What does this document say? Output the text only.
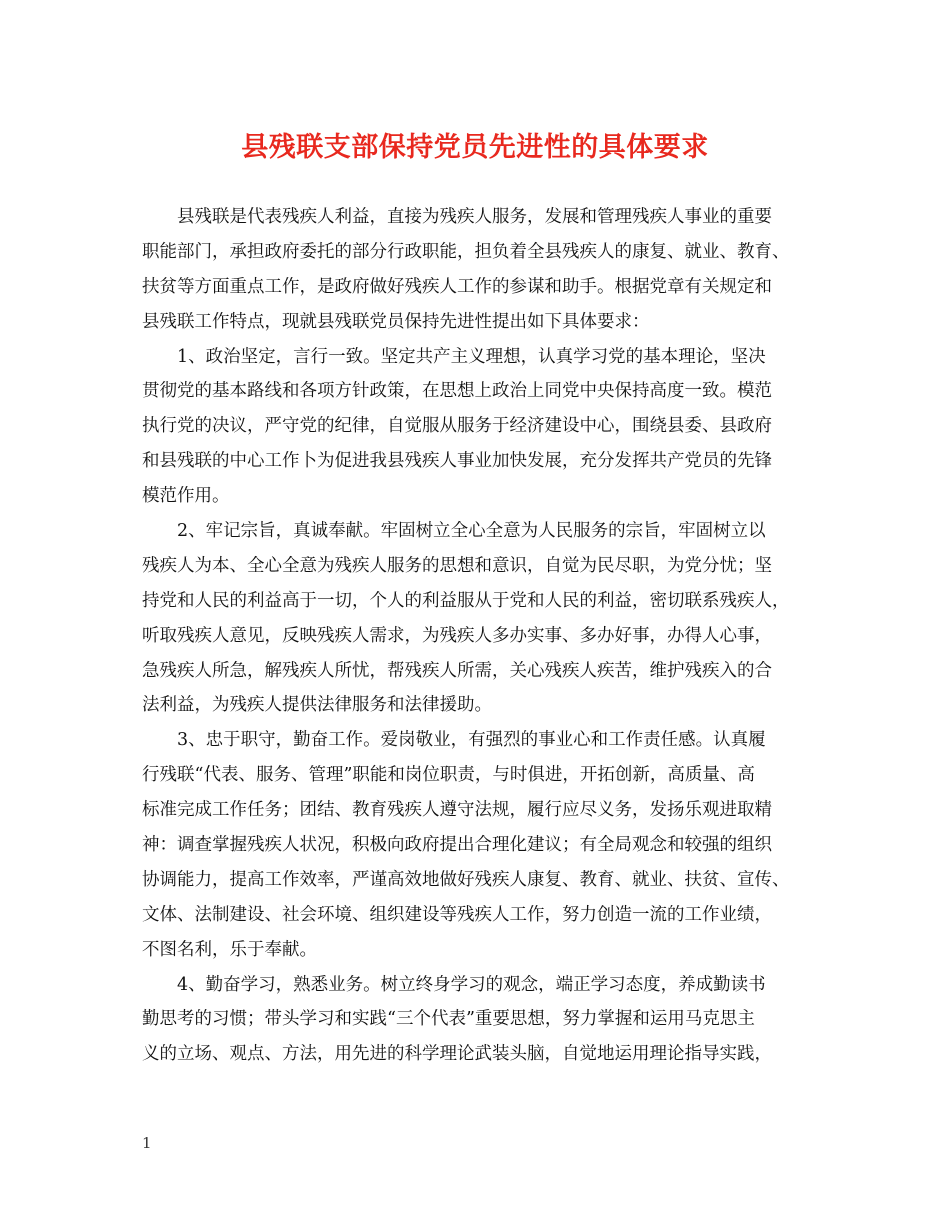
县残联支部保持党员先进性的具体要求
县残联是代表残疾人利益，直接为残疾人服务，发展和管理残疾人事业的重要
职能部门，承担政府委托的部分行政职能，担负着全县残疾人的康复、就业、教育、
扶贫等方面重点工作，是政府做好残疾人工作的参谋和助手。根据党章有关规定和
县残联工作特点，现就县残联党员保持先进性提出如下具体要求：
1、政治坚定，言行一致。坚定共产主义理想，认真学习党的基本理论，坚决
贯彻党的基本路线和各项方针政策，在思想上政治上同党中央保持高度一致。模范
执行党的决议，严守党的纪律，自觉服从服务于经济建设中心，围绕县委、县政府
和县残联的中心工作卜为促进我县残疾人事业加快发展，充分发挥共产党员的先锋
模范作用。
2、牢记宗旨，真诚奉献。牢固树立全心全意为人民服务的宗旨，牢固树立以
残疾人为本、全心全意为残疾人服务的思想和意识，自觉为民尽职，为党分忧；坚
持党和人民的利益高于一切，个人的利益服从于党和人民的利益，密切联系残疾人，
听取残疾人意见，反映残疾人需求，为残疾人多办实事、多办好事，办得人心事，
急残疾人所急，解残疾人所忧，帮残疾人所需，关心残疾人疾苦，维护残疾入的合
法利益，为残疾人提供法律服务和法律援助。
3、忠于职守，勤奋工作。爱岗敬业，有强烈的事业心和工作责任感。认真履
行残联“代表、服务、管理”职能和岗位职责，与时俱进，开拓创新，高质量、高
标准完成工作任务；团结、教育残疾人遵守法规，履行应尽义务，发扬乐观进取精
神：调查掌握残疾人状况，积极向政府提出合理化建议；有全局观念和较强的组织
协调能力，提高工作效率，严谨高效地做好残疾人康复、教育、就业、扶贫、宣传、
文体、法制建设、社会环境、组织建设等残疾人工作，努力创造一流的工作业绩，
不图名利，乐于奉献。
4、勤奋学习，熟悉业务。树立终身学习的观念，端正学习态度，养成勤读书
勤思考的习惯；带头学习和实践“三个代表”重要思想，努力掌握和运用马克思主
义的立场、观点、方法，用先进的科学理论武装头脑，自觉地运用理论指导实践，
1
